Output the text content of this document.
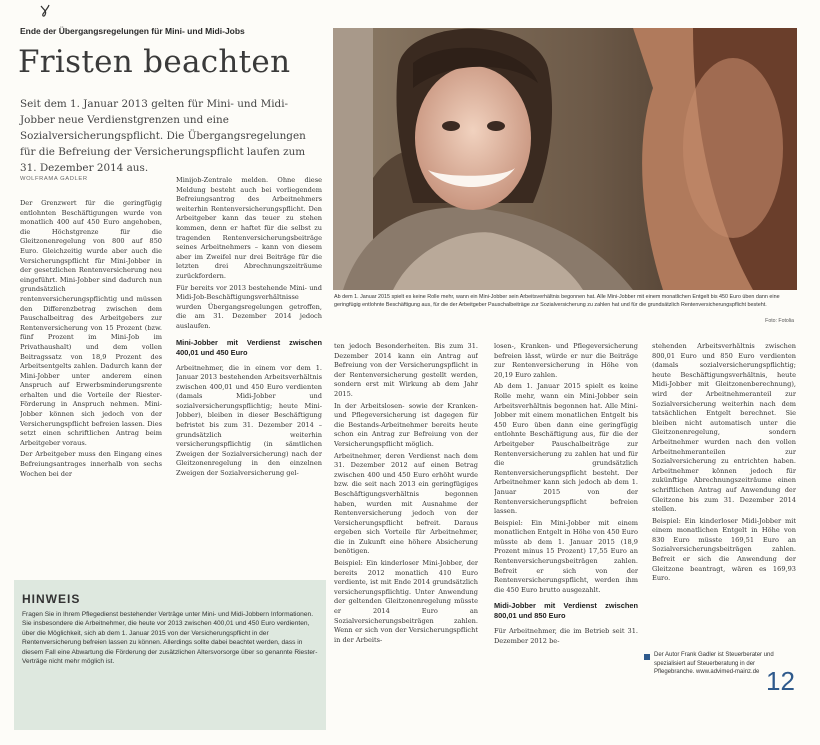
Ende der Übergangsregelungen für Mini- und Midi-Jobs
Fristen beachten
Seit dem 1. Januar 2013 gelten für Mini- und Midi-Jobber neue Verdienstgrenzen und eine Sozialversicherungspflicht. Die Übergangsregelungen für die Befreiung der Versicherungspflicht laufen zum 31. Dezember 2014 aus.
WOLFRAMA GADLER

Der Grenzwert für die geringfügig entlohnten Beschäftigungen wurde von monatlich 400 auf 450 Euro angehoben, die Höchstgrenze für die Gleitzonenregelung von 800 auf 850 Euro. Gleichzeitig wurde aber auch die Versicherungspflicht für Mini-Jobber in der gesetzlichen Rentenversicherung neu eingeführt. Mini-Jobber sind dadurch nun grundsätzlich rentenversicherungspflichtig und müssen den Differenzbetrag zwischen dem Pauschalbeitrag des Arbeitgebers zur Rentenversicherung von 15 Prozent (bzw. fünf Prozent im Mini-Job im Privathaushalt) und dem vollen Beitragssatz von 18,9 Prozent des Arbeitsentgelts zahlen. Dadurch kann der Mini-Jobber unter anderem einen Anspruch auf Erwerbsminderungsrente erhalten und die Vorteile der Riester-Förderung in Anspruch nehmen. Mini-Jobber können sich jedoch von der Versicherungspflicht befreien lassen. Dies setzt einen schriftlichen Antrag beim Arbeitgeber voraus.

Der Arbeitgeber muss den Eingang eines Befreiungsantrages innerhalb von sechs Wochen bei der

Minijob-Zentrale melden. Ohne diese Meldung besteht auch bei vorliegendem Befreiungsantrag des Arbeitnehmers weiterhin Rentenversicherungspflicht. Den Arbeitgeber kann das teuer zu stehen kommen, denn er haftet für die selbst zu tragenden Rentenversicherungsbeiträge seines Arbeitnehmers – kann von diesem aber im Zweifel nur drei Beiträge für die letzten drei Abrechnungszeiträume zurückfordern.

Für bereits vor 2013 bestehende Mini- und Midi-Job-Beschäftigungsverhältnisse wurden Übergangsregelungen getroffen, die am 31. Dezember 2014 jedoch auslaufen.

Mini-Jobber mit Verdienst zwischen 400,01 und 450 Euro

Arbeitnehmer, die in einem vor dem 1. Januar 2013 bestehenden Arbeitsverhältnis zwischen 400,01 und 450 Euro verdienten (damals Midi-Jobber und sozialversicherungspflichtig; heute Mini-Jobber), bleiben in dieser Beschäftigung befristet bis zum 31. Dezember 2014 – grundsätzlich weiterhin versicherungspflichtig (in sämtlichen Zweigen der Sozialversicherung) nach der Gleitzonenregelung in den einzelnen Zweigen der Sozialversicherung gel-

Ab dem 1. Januar 2015 spielt es keine Rolle mehr, wann ein Mini-Jobber sein Arbeitsverhältnis begonnen hat. Alle Mini-Jobber mit einem monatlichen Entgelt bis 450 Euro üben dann eine geringfügig entlohnte Beschäftigung aus, für die der Arbeitgeber Pauschalbeiträge zur Sozialversicherung zu zahlen hat und für die grundsätzlich Rentenversicherungspflicht besteht.
Foto: Fotolia

ten jedoch Besonderheiten. Bis zum 31. Dezember 2014 kann ein Antrag auf Befreiung von der Versicherungspflicht in der Rentenversicherung gestellt werden, sondern erst mit Wirkung ab dem Jahr 2015.

In der Arbeitslosen- sowie der Kranken- und Pflegeversicherung ist dagegen für die Bestands-Arbeitnehmer bereits heute schon ein Antrag zur Befreiung von der Versicherungspflicht möglich.

Arbeitnehmer, deren Verdienst nach dem 31. Dezember 2012 auf einen Betrag zwischen 400 und 450 Euro erhöht wurde bzw. die seit nach 2013 ein geringfügiges Beschäftigungsverhältnis begonnen haben, wurden mit Ausnahme der Rentenversicherung jedoch von der Versicherungspflicht befreit. Daraus ergeben sich Vorteile für Arbeitnehmer, die in Zukunft eine höhere Absicherung benötigen.

Beispiel: Ein kinderloser Mini-Jobber, der bereits 2012 monatlich 410 Euro verdiente, ist mit Ende 2014 grundsätzlich versicherungspflichtig. Unter Anwendung der geltenden Gleitzonenregelung müsste er 2014 Euro an Sozialversicherungsbeiträgen zahlen. Wenn er sich von der Versicherungspflicht in der Arbeits-

losen-, Kranken- und Pflegeversicherung befreien lässt, würde er nur die Beiträge zur Rentenversicherung in Höhe von 20,19 Euro zahlen.

Ab dem 1. Januar 2015 spielt es keine Rolle mehr, wann ein Mini-Jobber sein Arbeitsverhältnis begonnen hat. Alle Mini-Jobber mit einem monatlichen Entgelt bis 450 Euro üben dann eine geringfügig entlohnte Beschäftigung aus, für die der Arbeitgeber Pauschalbeiträge zur Rentenversicherung zu zahlen hat und für die grundsätzlich Rentenversicherungspflicht besteht. Der Arbeitnehmer kann sich jedoch ab dem 1. Januar 2015 von der Rentenversicherungspflicht befreien lassen.

Beispiel: Ein Mini-Jobber mit einem monatlichen Entgelt in Höhe von 450 Euro müsste ab dem 1. Januar 2015 (18,9 Prozent minus 15 Prozent) 17,55 Euro an Rentenversicherungsbeiträgen zahlen. Befreit er sich von der Rentenversicherungspflicht, werden ihm die 450 Euro brutto ausgezahlt.

Midi-Jobber mit Verdienst zwischen 800,01 und 850 Euro

Für Arbeitnehmer, die im Betrieb seit 31. Dezember 2012 be-

stehenden Arbeitsverhältnis zwischen 800,01 Euro und 850 Euro verdienten (damals sozialversicherungspflichtig; heute Beschäftigungsverhältnis, heute Midi-Jobber mit Gleitzonenberechnung), wird der Arbeitnehmeranteil zur Sozialversicherung weiterhin nach dem tatsächlichen Entgelt berechnet. Sie bleiben nicht automatisch unter die Gleitzonenregelung, sondern Arbeitnehmer wurden nach den vollen Arbeitnehmeranteilen zur Sozialversicherung zu entrichten haben. Arbeitnehmer können jedoch für zukünftige Abrechnungszeiträume einen schriftlichen Antrag auf Anwendung der Gleitzone bis zum 31. Dezember 2014 stellen.

Beispiel: Ein kinderloser Midi-Jobber mit einem monatlichen Entgelt in Höhe von 830 Euro müsste 169,51 Euro an Sozialversicherungsbeiträgen zahlen. Befreit er sich die Anwendung der Gleitzone beantragt, wären es 169,93 Euro.

HINWEIS
Fragen Sie in Ihrem Pflegedienst bestehender Verträge unter Mini- und Midi-Jobbern Informationen. Sie insbesondere die Arbeitnehmer, die heute vor 2013 zwischen 400,01 und 450 Euro verdienten, über die Möglichkeit, sich ab dem 1. Januar 2015 von der Versicherungspflicht in der Rentenversicherung befreien lassen zu können. Allerdings sollte dabei beachtet werden, dass in diesem Fall eine Abwartung die Förderung der zusätzlichen Altersvorsorge über so genannte Riester-Verträge nicht mehr möglich ist.
Der Autor Frank Gadler ist Steuerberater und spezialisiert auf Steuerberatung in der Pflegebranche. www.advimed-mainz.de 12
